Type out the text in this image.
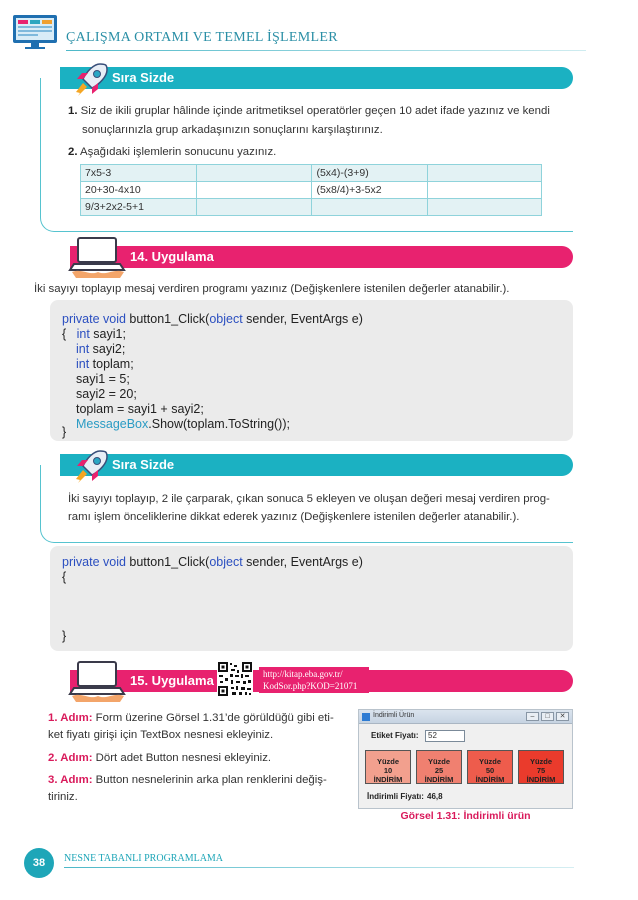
ÇALIŞMA ORTAMI VE TEMEL İŞLEMLER
Sıra Sizde
1. Siz de ikili gruplar hâlinde içinde aritmetiksel operatörler geçen 10 adet ifade yazınız ve kendi
sonuçlarınızla grup arkadaşınızın sonuçlarını karşılaştırınız.
2. Aşağıdaki işlemlerin sonucunu yazınız.
7x5-3		(5x4)-(3+9)	
20+30-4x10		(5x8/4)+3-5x2	
9/3+2x2-5+1			
14. Uygulama
İki sayıyı toplayıp mesaj verdiren programı yazınız (Değişkenlere istenilen değerler atanabilir.).
private void button1_Click(object sender, EventArgs e)
{   int sayi1;
int sayi2;
int toplam;
sayi1 = 5;
sayi2 = 20;
toplam = sayi1 + sayi2;
MessageBox.Show(toplam.ToString());
}
Sıra Sizde
İki sayıyı toplayıp, 2 ile çarparak, çıkan sonuca 5 ekleyen ve oluşan değeri mesaj verdiren prog-
ramı işlem önceliklerine dikkat ederek yazınız (Değişkenlere istenilen değerler atanabilir.).
private void button1_Click(object sender, EventArgs e)
{
}
15. Uygulama	http://kitap.eba.gov.tr/
KodSor.php?KOD=21071
1. Adım: Form üzerine Görsel 1.31’de görüldüğü gibi eti-
ket fiyatı girişi için TextBox nesnesi ekleyiniz.
2. Adım: Dört adet Button nesnesi ekleyiniz.
3. Adım: Button nesnelerinin arka plan renklerini değiş-
tiriniz.
İndirimli Ürün	–	□	✕
Etiket Fiyatı:	52
Yüzde
10
İNDİRİM
Yüzde
25
İNDİRİM
Yüzde
50
İNDİRİM
Yüzde
75
İNDİRİM
İndirimli Fiyatı: 46,8
Görsel 1.31: İndirimli ürün
38	NESNE TABANLI PROGRAMLAMA
